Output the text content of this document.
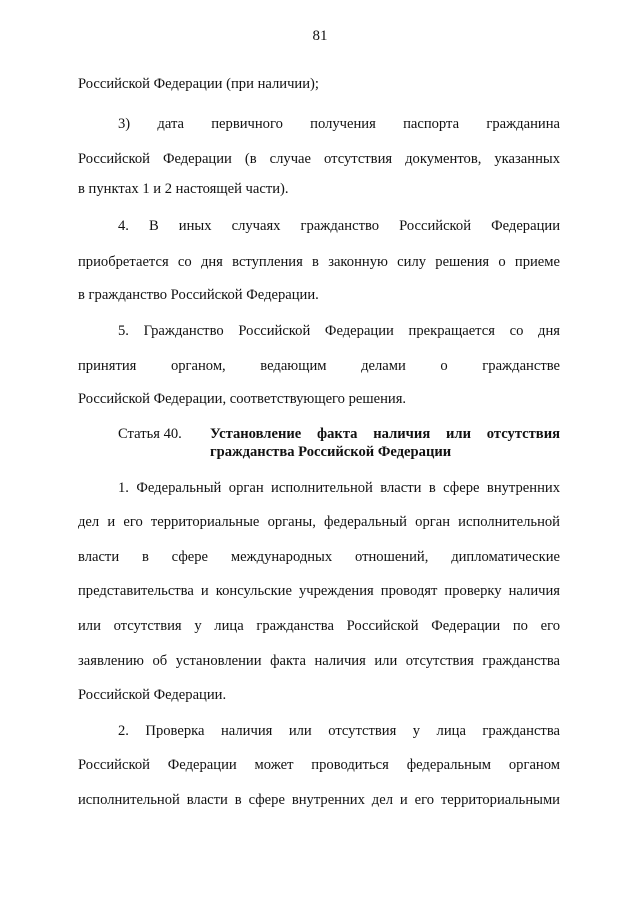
81
Российской Федерации (при наличии);
3) дата первичного получения паспорта гражданина
Российской Федерации (в случае отсутствия документов, указанных
в пунктах 1 и 2 настоящей части).
4. В иных случаях гражданство Российской Федерации
приобретается со дня вступления в законную силу решения о приеме
в гражданство Российской Федерации.
5. Гражданство Российской Федерации прекращается со дня
принятия органом, ведающим делами о гражданстве
Российской Федерации, соответствующего решения.
Статья 40. Установление факта наличия или отсутствия
гражданства Российской Федерации
1. Федеральный орган исполнительной власти в сфере внутренних
дел и его территориальные органы, федеральный орган исполнительной
власти в сфере международных отношений, дипломатические
представительства и консульские учреждения проводят проверку наличия
или отсутствия у лица гражданства Российской Федерации по его
заявлению об установлении факта наличия или отсутствия гражданства
Российской Федерации.
2. Проверка наличия или отсутствия у лица гражданства
Российской Федерации может проводиться федеральным органом
исполнительной власти в сфере внутренних дел и его территориальными
